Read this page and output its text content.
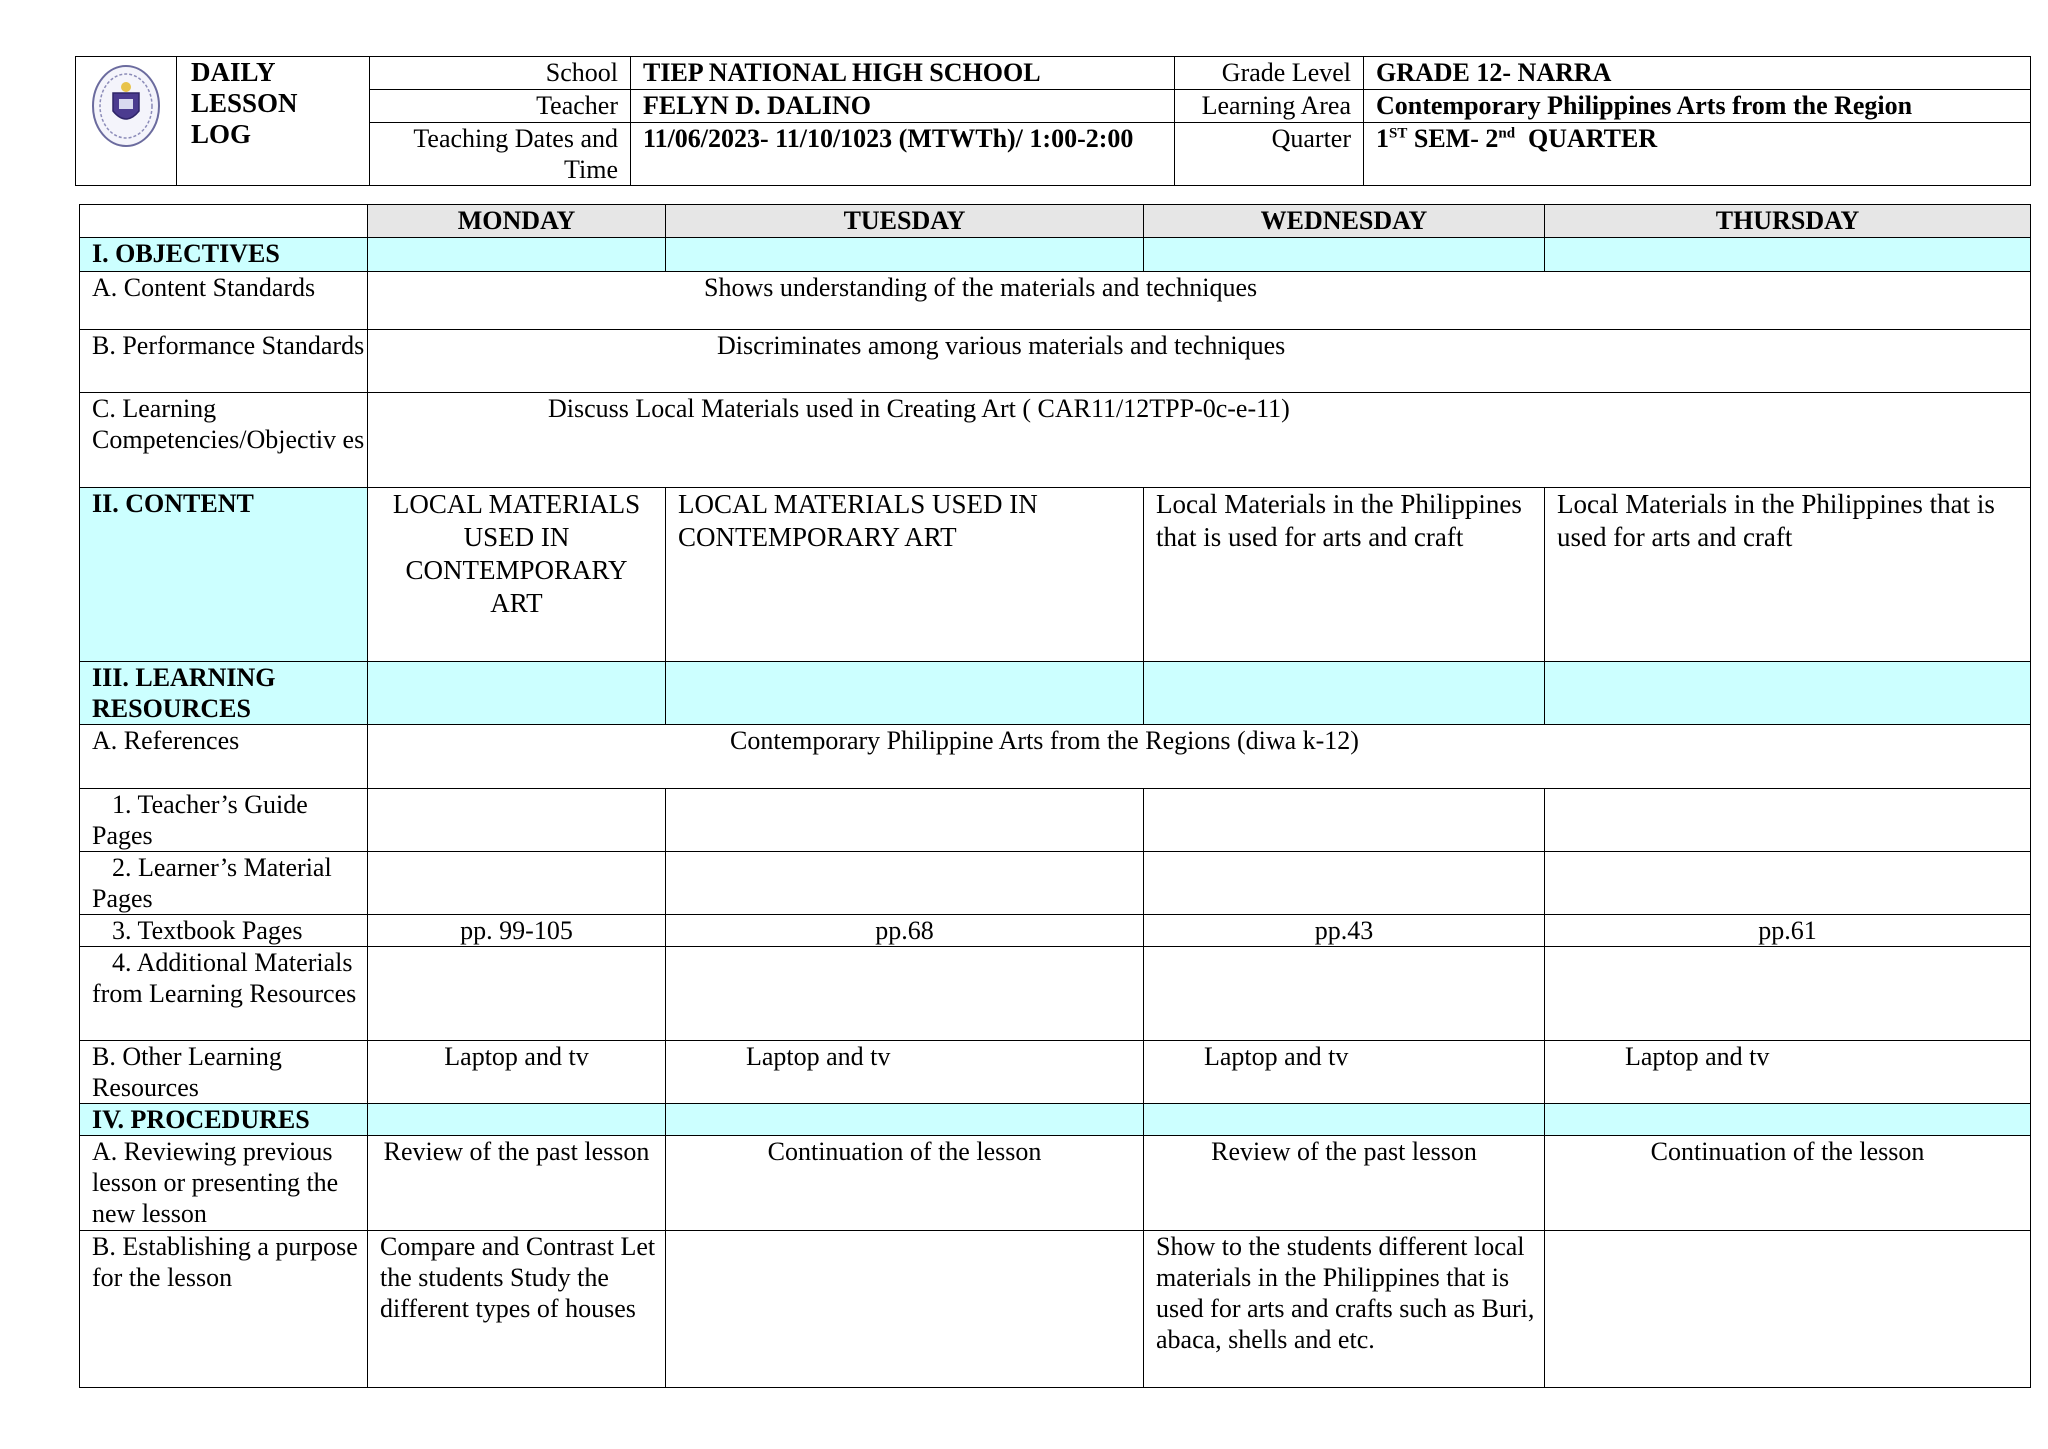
DAILY
LESSON
LOG	School	TIEP NATIONAL HIGH SCHOOL	Grade Level	GRADE 12- NARRA
		Teacher	FELYN D. DALINO	Learning Area	Contemporary Philippines Arts from the Region
		Teaching Dates and Time	11/06/2023- 11/10/1023 (MTWTh)/ 1:00-2:00	Quarter	1ST SEM- 2nd  QUARTER
	MONDAY	TUESDAY	WEDNESDAY	THURSDAY
I. OBJECTIVES				
A. Content Standards	Shows understanding of the materials and techniques			

B. Performance Standards	Discriminates among various materials and techniques			

C. Learning Competencies/Objectiv es	Discuss Local Materials used in Creating Art ( CAR11/12TPP-0c-e-11)			

II. CONTENT	LOCAL MATERIALS USED IN CONTEMPORARY ART	LOCAL MATERIALS USED IN CONTEMPORARY ART	Local Materials in the Philippines that is used for arts and craft	Local Materials in the Philippines that is used for arts and craft
III. LEARNING RESOURCES				
A. References	Contemporary Philippine Arts from the Regions (diwa k-12)			

1. Teacher’s Guide Pages				
2. Learner’s Material Pages				
3. Textbook Pages	pp. 99-105	pp.68	pp.43	pp.61
4. Additional Materials from Learning Resources				
B. Other Learning Resources	Laptop and tv	Laptop and tv	Laptop and tv	Laptop and tv

IV. PROCEDURES				
A. Reviewing previous lesson or presenting the new lesson	Review of the past lesson	Continuation of the lesson	Review of the past lesson	Continuation of the lesson
B. Establishing a purpose for the lesson	Compare and Contrast Let the students Study the different types of houses		Show to the students different local materials in the Philippines that is used for arts and crafts such as Buri, abaca, shells and etc.	
